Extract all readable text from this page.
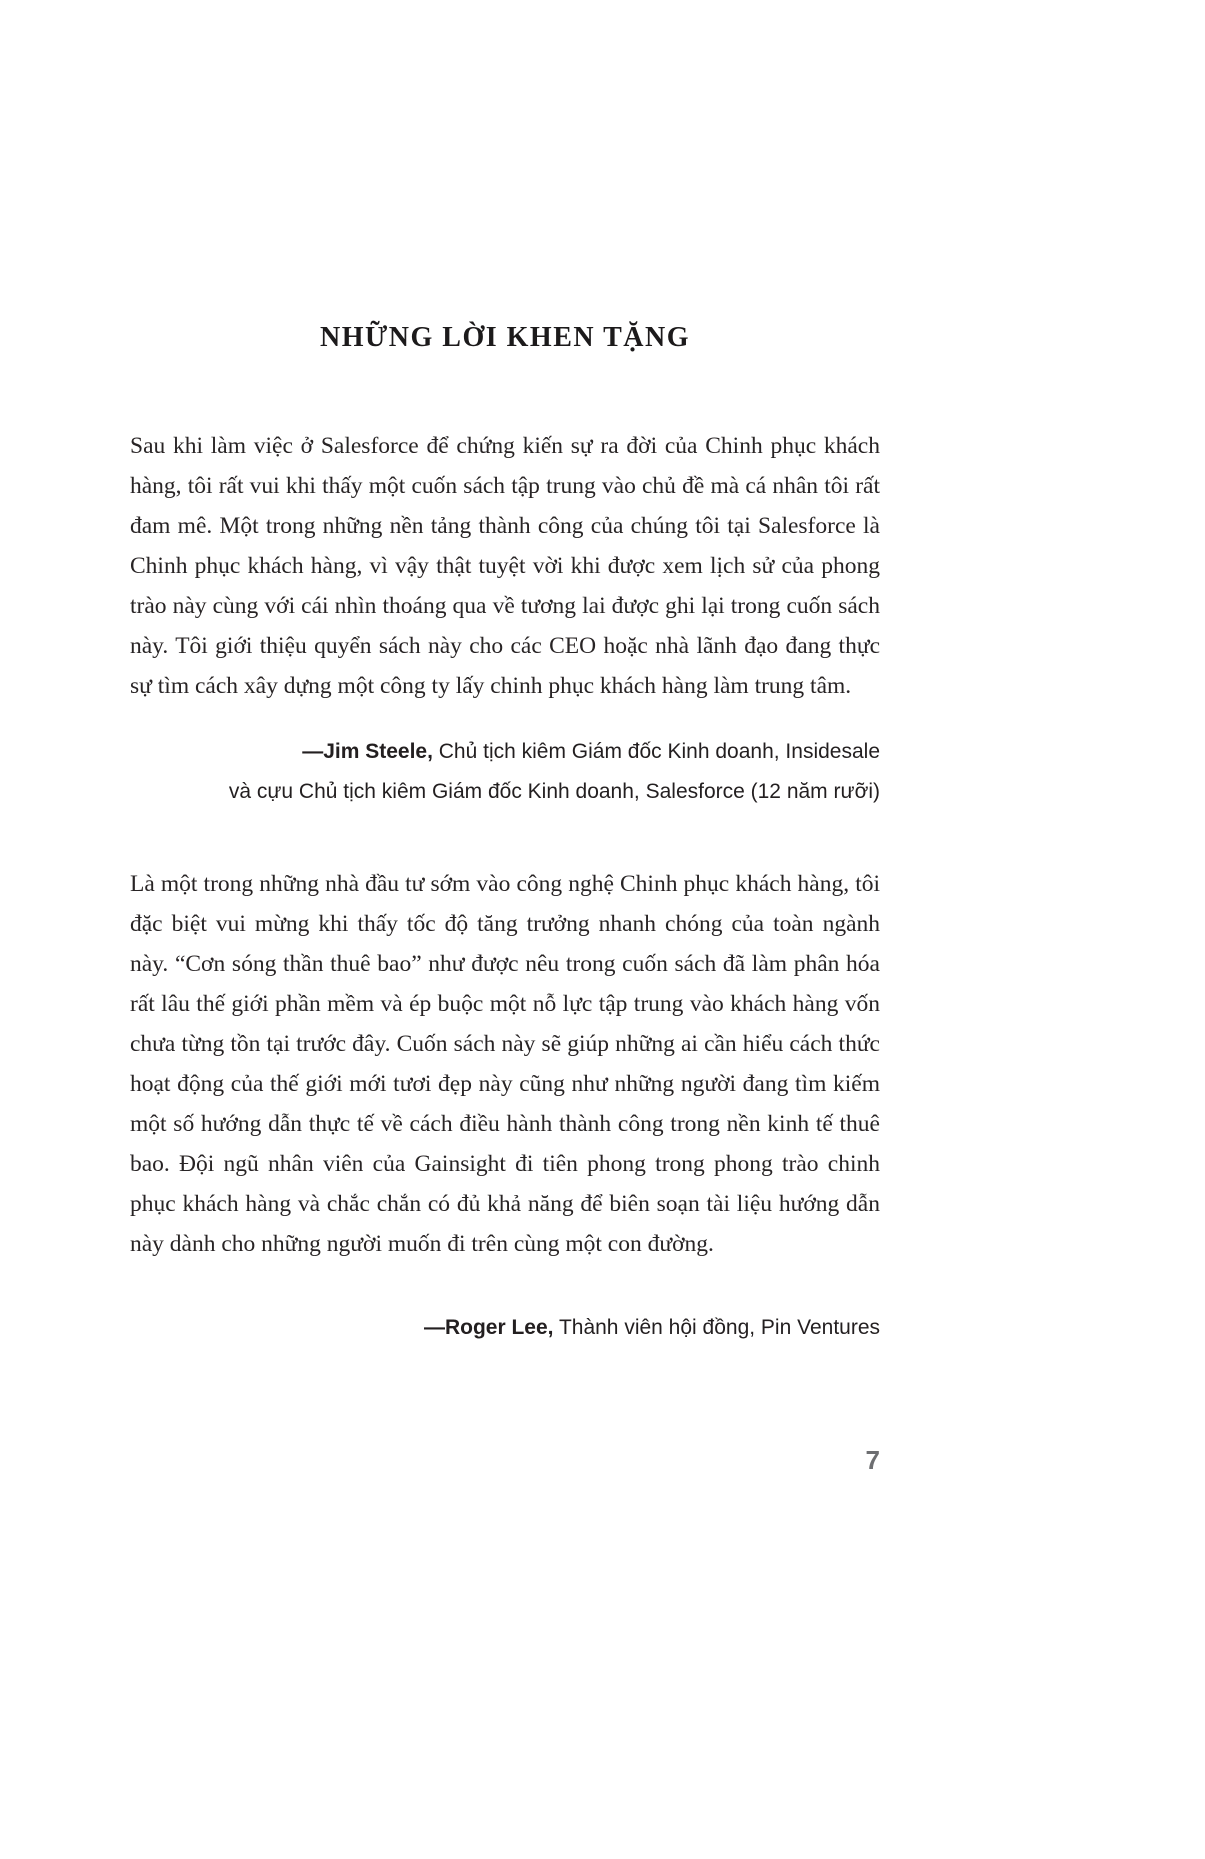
NHỮNG LỜI KHEN TẶNG

Sau khi làm việc ở Salesforce để chứng kiến sự ra đời của Chinh phục khách hàng, tôi rất vui khi thấy một cuốn sách tập trung vào chủ đề mà cá nhân tôi rất đam mê. Một trong những nền tảng thành công của chúng tôi tại Salesforce là Chinh phục khách hàng, vì vậy thật tuyệt vời khi được xem lịch sử của phong trào này cùng với cái nhìn thoáng qua về tương lai được ghi lại trong cuốn sách này. Tôi giới thiệu quyển sách này cho các CEO hoặc nhà lãnh đạo đang thực sự tìm cách xây dựng một công ty lấy chinh phục khách hàng làm trung tâm.

—Jim Steele, Chủ tịch kiêm Giám đốc Kinh doanh, Insidesale
và cựu Chủ tịch kiêm Giám đốc Kinh doanh, Salesforce (12 năm rưỡi)

Là một trong những nhà đầu tư sớm vào công nghệ Chinh phục khách hàng, tôi đặc biệt vui mừng khi thấy tốc độ tăng trưởng nhanh chóng của toàn ngành này. “Cơn sóng thần thuê bao” như được nêu trong cuốn sách đã làm phân hóa rất lâu thế giới phần mềm và ép buộc một nỗ lực tập trung vào khách hàng vốn chưa từng tồn tại trước đây. Cuốn sách này sẽ giúp những ai cần hiểu cách thức hoạt động của thế giới mới tươi đẹp này cũng như những người đang tìm kiếm một số hướng dẫn thực tế về cách điều hành thành công trong nền kinh tế thuê bao. Đội ngũ nhân viên của Gainsight đi tiên phong trong phong trào chinh phục khách hàng và chắc chắn có đủ khả năng để biên soạn tài liệu hướng dẫn này dành cho những người muốn đi trên cùng một con đường.

—Roger Lee, Thành viên hội đồng, Pin Ventures
7
